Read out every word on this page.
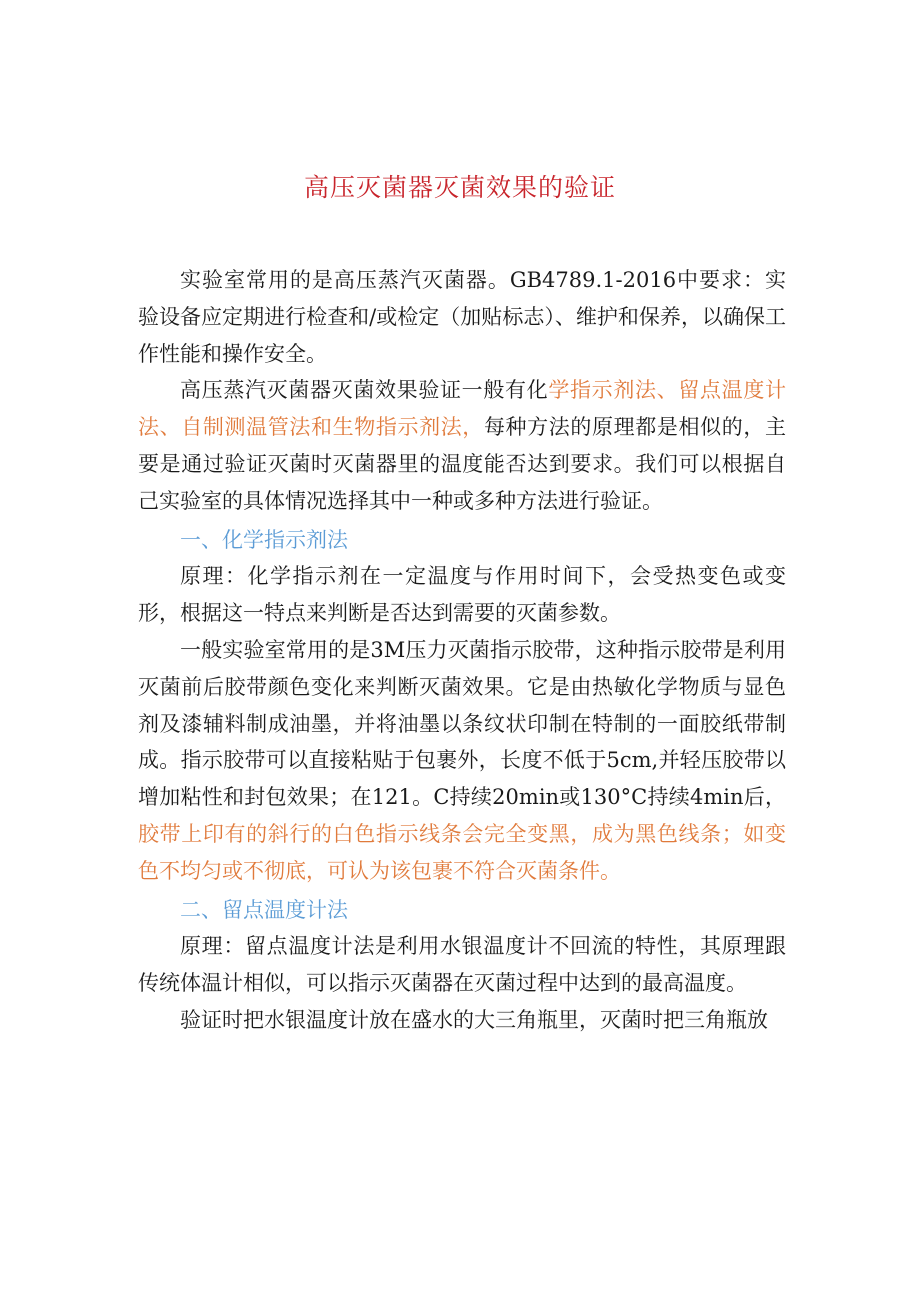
高压灭菌器灭菌效果的验证

实验室常用的是高压蒸汽灭菌器。GB4789.1-2016中要求：实验设备应定期进行检查和/或检定（加贴标志）、维护和保养，以确保工作性能和操作安全。

高压蒸汽灭菌器灭菌效果验证一般有化学指示剂法、留点温度计法、自制测温管法和生物指示剂法，每种方法的原理都是相似的，主要是通过验证灭菌时灭菌器里的温度能否达到要求。我们可以根据自己实验室的具体情况选择其中一种或多种方法进行验证。

一、化学指示剂法

原理：化学指示剂在一定温度与作用时间下，会受热变色或变形，根据这一特点来判断是否达到需要的灭菌参数。

一般实验室常用的是3M压力灭菌指示胶带，这种指示胶带是利用灭菌前后胶带颜色变化来判断灭菌效果。它是由热敏化学物质与显色剂及漆辅料制成油墨，并将油墨以条纹状印制在特制的一面胶纸带制成。指示胶带可以直接粘贴于包裹外，长度不低于5cm,并轻压胶带以增加粘性和封包效果；在121。C持续20min或130°C持续4min后，胶带上印有的斜行的白色指示线条会完全变黑，成为黑色线条；如变色不均匀或不彻底，可认为该包裹不符合灭菌条件。

二、留点温度计法

原理：留点温度计法是利用水银温度计不回流的特性，其原理跟传统体温计相似，可以指示灭菌器在灭菌过程中达到的最高温度。

验证时把水银温度计放在盛水的大三角瓶里，灭菌时把三角瓶放
